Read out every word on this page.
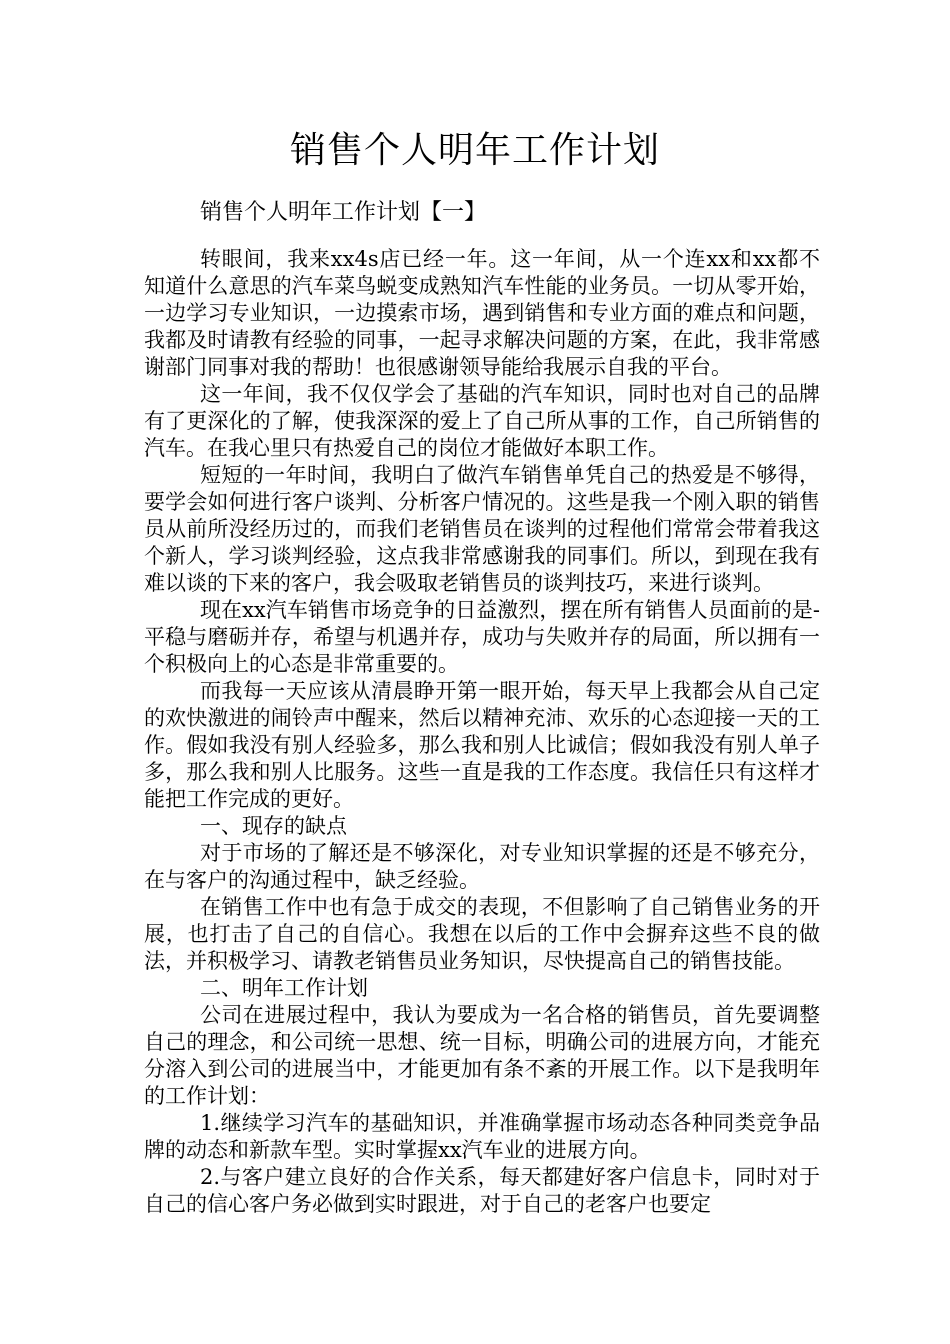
销售个人明年工作计划
销售个人明年工作计划【一】

转眼间，我来xx4s店已经一年。这一年间，从一个连xx和xx都不知道什么意思的汽车菜鸟蜕变成熟知汽车性能的业务员。一切从零开始，一边学习专业知识，一边摸索市场，遇到销售和专业方面的难点和问题，我都及时请教有经验的同事，一起寻求解决问题的方案，在此，我非常感谢部门同事对我的帮助！也很感谢领导能给我展示自我的平台。

这一年间，我不仅仅学会了基础的汽车知识，同时也对自己的品牌有了更深化的了解，使我深深的爱上了自己所从事的工作，自己所销售的汽车。在我心里只有热爱自己的岗位才能做好本职工作。

短短的一年时间，我明白了做汽车销售单凭自己的热爱是不够得，要学会如何进行客户谈判、分析客户情况的。这些是我一个刚入职的销售员从前所没经历过的，而我们老销售员在谈判的过程他们常常会带着我这个新人，学习谈判经验，这点我非常感谢我的同事们。所以，到现在我有难以谈的下来的客户，我会吸取老销售员的谈判技巧，来进行谈判。

现在xx汽车销售市场竞争的日益激烈，摆在所有销售人员面前的是-平稳与磨砺并存，希望与机遇并存，成功与失败并存的局面，所以拥有一个积极向上的心态是非常重要的。

而我每一天应该从清晨睁开第一眼开始，每天早上我都会从自己定的欢快激进的闹铃声中醒来，然后以精神充沛、欢乐的心态迎接一天的工作。假如我没有别人经验多，那么我和别人比诚信；假如我没有别人单子多，那么我和别人比服务。这些一直是我的工作态度。我信任只有这样才能把工作完成的更好。

一、现存的缺点

对于市场的了解还是不够深化，对专业知识掌握的还是不够充分，在与客户的沟通过程中，缺乏经验。

在销售工作中也有急于成交的表现，不但影响了自己销售业务的开展，也打击了自己的自信心。我想在以后的工作中会摒弃这些不良的做法，并积极学习、请教老销售员业务知识，尽快提高自己的销售技能。

二、明年工作计划

公司在进展过程中，我认为要成为一名合格的销售员，首先要调整自己的理念，和公司统一思想、统一目标，明确公司的进展方向，才能充分溶入到公司的进展当中，才能更加有条不紊的开展工作。以下是我明年的工作计划：

1.继续学习汽车的基础知识，并准确掌握市场动态各种同类竞争品牌的动态和新款车型。实时掌握xx汽车业的进展方向。

2.与客户建立良好的合作关系，每天都建好客户信息卡，同时对于自己的信心客户务必做到实时跟进，对于自己的老客户也要定
